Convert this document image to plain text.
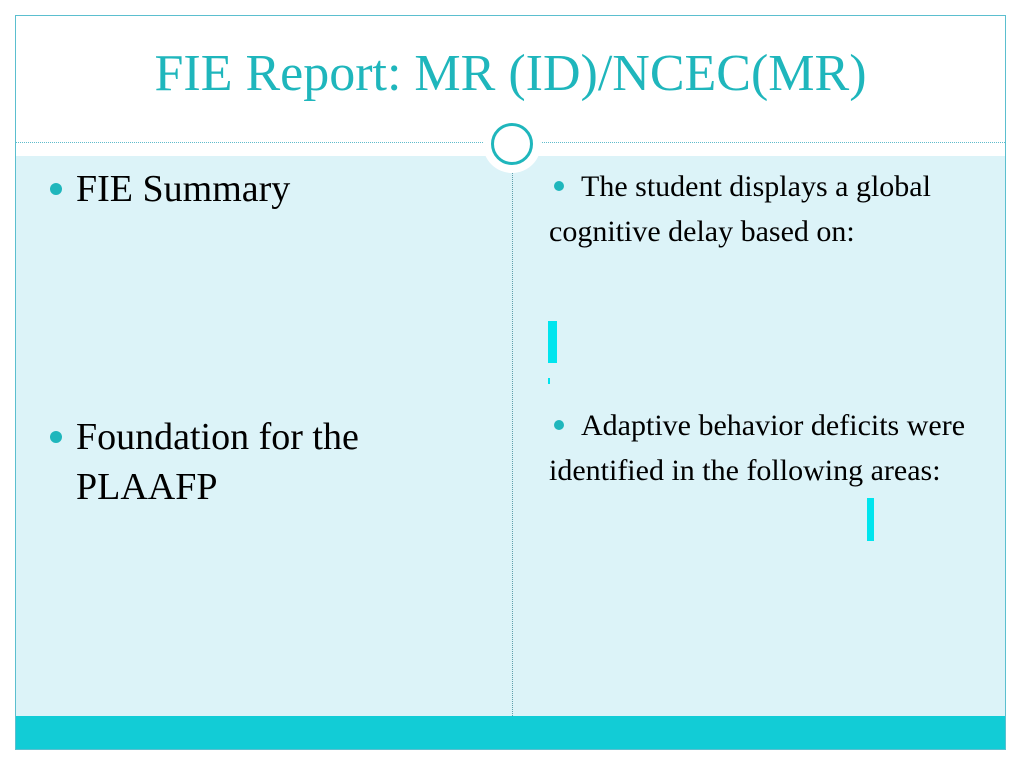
FIE Report: MR (ID)/NCEC(MR)
FIE Summary
Foundation for the PLAAFP
The student displays a global cognitive delay based on:
Adaptive behavior deficits were identified in the following areas:
